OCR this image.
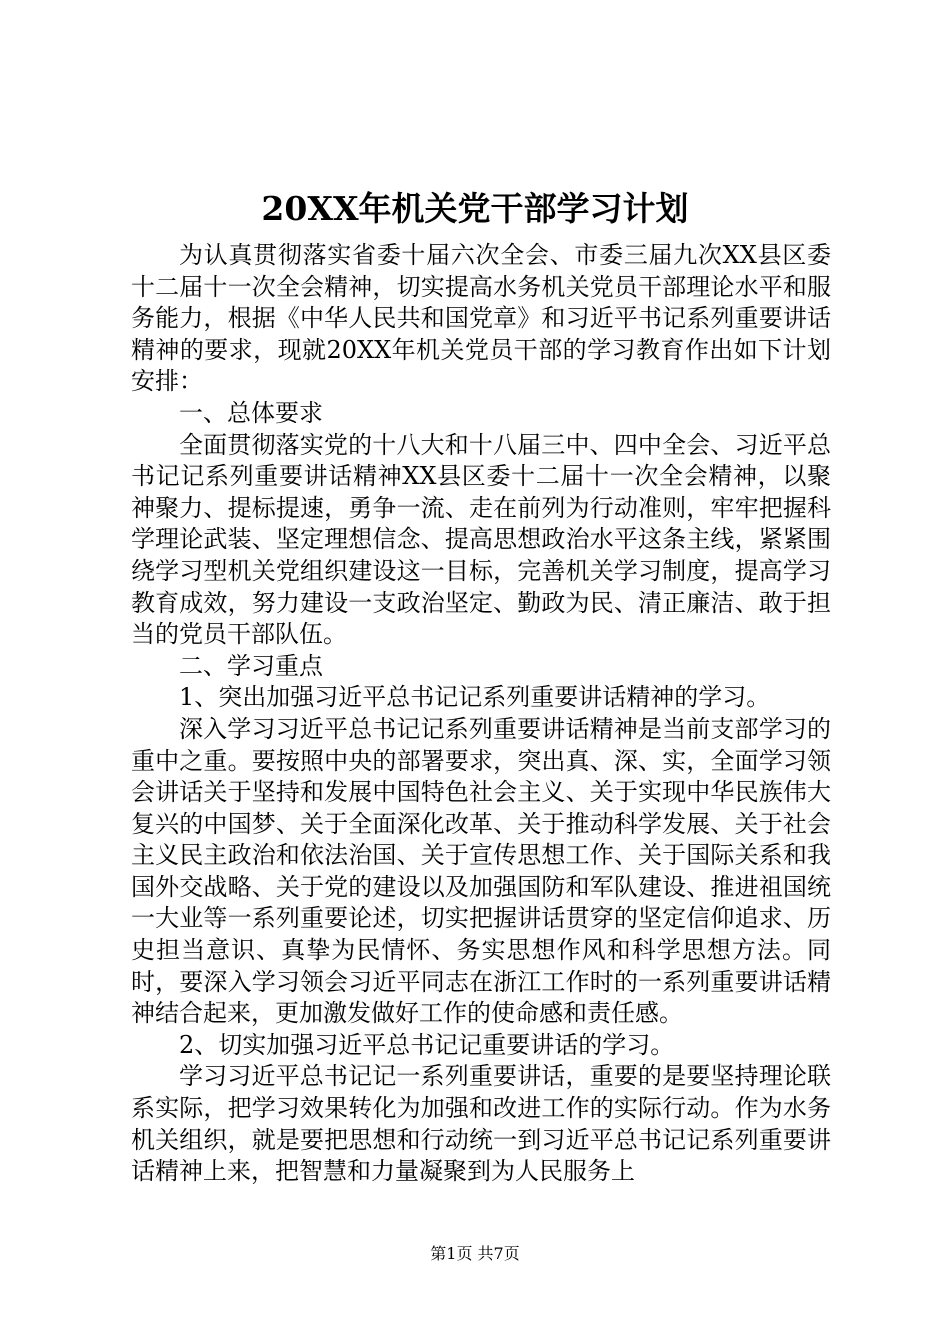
20XX年机关党干部学习计划

为认真贯彻落实省委十届六次全会、市委三届九次XX县区委十二届十一次全会精神，切实提高水务机关党员干部理论水平和服务能力，根据《中华人民共和国党章》和习近平书记系列重要讲话精神的要求，现就20XX年机关党员干部的学习教育作出如下计划安排：

一、总体要求

全面贯彻落实党的十八大和十八届三中、四中全会、习近平总书记记系列重要讲话精神XX县区委十二届十一次全会精神，以聚神聚力、提标提速，勇争一流、走在前列为行动准则，牢牢把握科学理论武装、坚定理想信念、提高思想政治水平这条主线，紧紧围绕学习型机关党组织建设这一目标，完善机关学习制度，提高学习教育成效，努力建设一支政治坚定、勤政为民、清正廉洁、敢于担当的党员干部队伍。

二、学习重点

1、突出加强习近平总书记记系列重要讲话精神的学习。

深入学习习近平总书记记系列重要讲话精神是当前支部学习的重中之重。要按照中央的部署要求，突出真、深、实，全面学习领会讲话关于坚持和发展中国特色社会主义、关于实现中华民族伟大复兴的中国梦、关于全面深化改革、关于推动科学发展、关于社会主义民主政治和依法治国、关于宣传思想工作、关于国际关系和我国外交战略、关于党的建设以及加强国防和军队建设、推进祖国统一大业等一系列重要论述，切实把握讲话贯穿的坚定信仰追求、历史担当意识、真挚为民情怀、务实思想作风和科学思想方法。同时，要深入学习领会习近平同志在浙江工作时的一系列重要讲话精神结合起来，更加激发做好工作的使命感和责任感。

2、切实加强习近平总书记记重要讲话的学习。

学习习近平总书记记一系列重要讲话，重要的是要坚持理论联系实际，把学习效果转化为加强和改进工作的实际行动。作为水务机关组织，就是要把思想和行动统一到习近平总书记记系列重要讲话精神上来，把智慧和力量凝聚到为人民服务上

第1页 共7页
